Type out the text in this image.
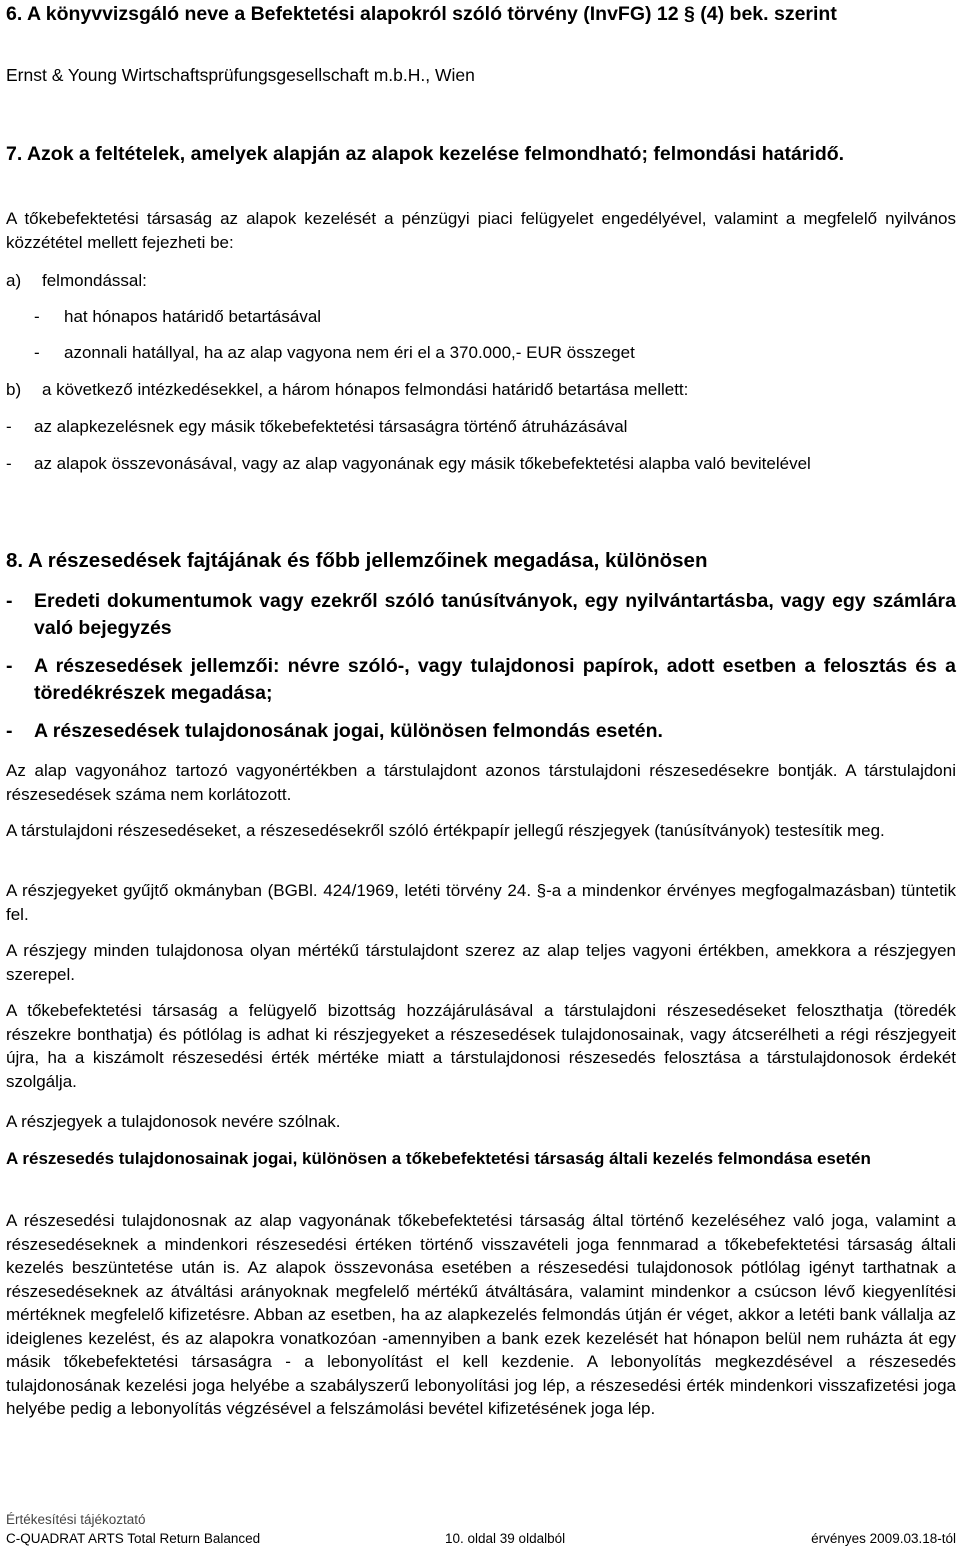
6. A könyvvizsgáló neve a Befektetési alapokról szóló törvény (InvFG) 12 § (4) bek. szerint
Ernst & Young Wirtschaftsprüfungsgesellschaft m.b.H., Wien
7. Azok a feltételek, amelyek alapján az alapok kezelése felmondható; felmondási határidő.

A tőkebefektetési társaság az alapok kezelését a pénzügyi piaci felügyelet engedélyével, valamint a megfelelő nyilvános közzététel mellett fejezheti be:

a) felmondással:
- hat hónapos határidő betartásával
- azonnali hatállyal, ha az alap vagyona nem éri el a 370.000,- EUR összeget
b) a következő intézkedésekkel, a három hónapos felmondási határidő betartása mellett:
- az alapkezelésnek egy másik tőkebefektetési társaságra történő átruházásával
- az alapok összevonásával, vagy az alap vagyonának egy másik tőkebefektetési alapba való bevitelével
8. A részesedések fajtájának és főbb jellemzőinek megadása, különösen
- Eredeti dokumentumok vagy ezekről szóló tanúsítványok, egy nyilvántartásba, vagy egy számlára való bejegyzés
- A részesedések jellemzői: névre szóló-, vagy tulajdonosi papírok, adott esetben a felosztás és a töredékrészek megadása;
- A részesedések tulajdonosának jogai, különösen felmondás esetén.

Az alap vagyonához tartozó vagyonértékben a társtulajdont azonos társtulajdoni részesedésekre bontják. A társtulajdoni részesedések száma nem korlátozott.

A társtulajdoni részesedéseket, a részesedésekről szóló értékpapír jellegű részjegyek (tanúsítványok) testesítik meg.

A részjegyeket gyűjtő okmányban (BGBl. 424/1969, letéti törvény 24. §-a a mindenkor érvényes megfogalmazásban) tüntetik fel.

A részjegy minden tulajdonosa olyan mértékű társtulajdont szerez az alap teljes vagyoni értékben, amekkora a részjegyen szerepel.

A tőkebefektetési társaság a felügyelő bizottság hozzájárulásával a társtulajdoni részesedéseket feloszthatja (töredék részekre bonthatja) és pótlólag is adhat ki részjegyeket a részesedések tulajdonosainak, vagy átcserélheti a régi részjegyeit újra, ha a kiszámolt részesedési érték mértéke miatt a társtulajdonosi részesedés felosztása a társtulajdonosok érdekét szolgálja.

A részjegyek a tulajdonosok nevére szólnak.

A részesedés tulajdonosainak jogai, különösen a tőkebefektetési társaság általi kezelés felmondása esetén

A részesedési tulajdonosnak az alap vagyonának tőkebefektetési társaság által történő kezeléséhez való joga, valamint a részesedéseknek a mindenkori részesedési értéken történő visszavételi joga fennmarad a tőkebefektetési társaság általi kezelés beszüntetése után is. Az alapok összevonása esetében a részesedési tulajdonosok pótlólag igényt tarthatnak a részesedéseknek az átváltási arányoknak megfelelő mértékű átváltására, valamint mindenkor a csúcson lévő kiegyenlítési mértéknek megfelelő kifizetésre. Abban az esetben, ha az alapkezelés felmondás útján ér véget, akkor a letéti bank vállalja az ideiglenes kezelést, és az alapokra vonatkozóan -amennyiben a bank ezek kezelését hat hónapon belül nem ruházta át egy másik tőkebefektetési társaságra - a lebonyolítást el kell kezdenie. A lebonyolítás megkezdésével a részesedés tulajdonosának kezelési joga helyébe a szabályszerű lebonyolítási jog lép, a részesedési érték mindenkori visszafizetési joga helyébe pedig a lebonyolítás végzésével a felszámolási bevétel kifizetésének joga lép.

Értékesítési tájékoztató
C-QUADRAT ARTS Total Return Balanced	10. oldal 39 oldalból	érvényes 2009.03.18-tól
